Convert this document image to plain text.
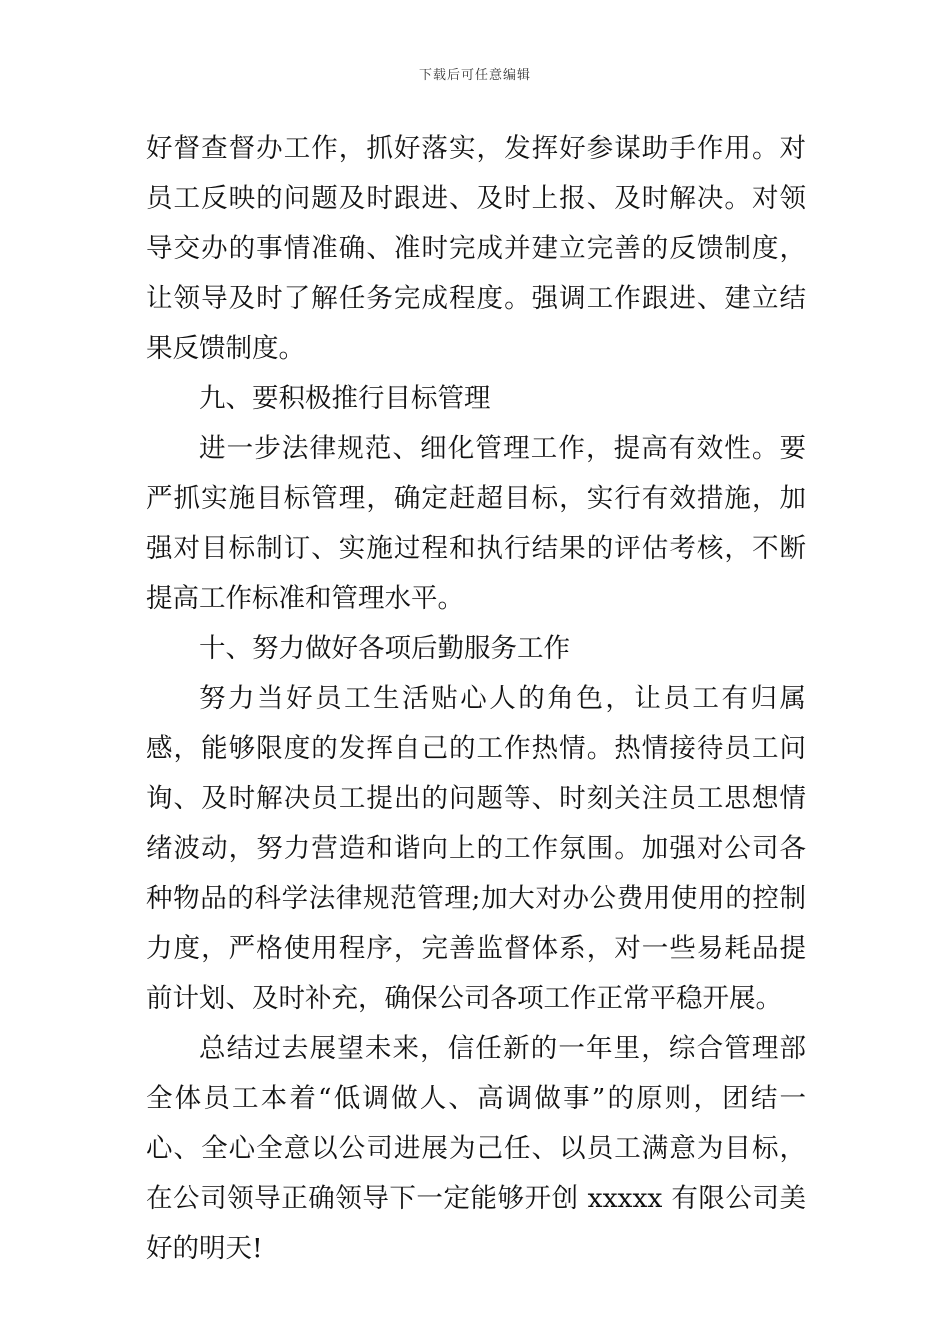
下载后可任意编辑

好督查督办工作，抓好落实，发挥好参谋助手作用。对员工反映的问题及时跟进、及时上报、及时解决。对领导交办的事情准确、准时完成并建立完善的反馈制度，让领导及时了解任务完成程度。强调工作跟进、建立结果反馈制度。

九、要积极推行目标管理

进一步法律规范、细化管理工作，提高有效性。要严抓实施目标管理，确定赶超目标，实行有效措施，加强对目标制订、实施过程和执行结果的评估考核，不断提高工作标准和管理水平。

十、努力做好各项后勤服务工作

努力当好员工生活贴心人的角色，让员工有归属感，能够限度的发挥自己的工作热情。热情接待员工问询、及时解决员工提出的问题等、时刻关注员工思想情绪波动，努力营造和谐向上的工作氛围。加强对公司各种物品的科学法律规范管理;加大对办公费用使用的控制力度，严格使用程序，完善监督体系，对一些易耗品提前计划、及时补充，确保公司各项工作正常平稳开展。

总结过去展望未来，信任新的一年里，综合管理部全体员工本着“低调做人、高调做事”的原则，团结一心、全心全意以公司进展为己任、以员工满意为目标，在公司领导正确领导下一定能够开创 xxxxx 有限公司美好的明天!
